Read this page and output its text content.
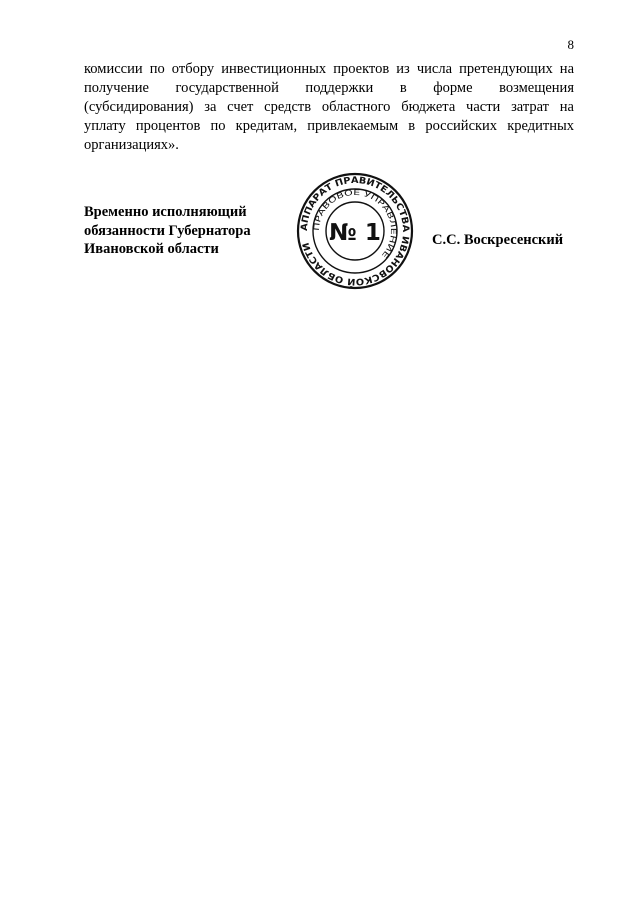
8
комиссии по отбору инвестиционных проектов из числа претендующих на
получение государственной поддержки в форме возмещения
(субсидирования) за счет средств областного бюджета части затрат на
уплату процентов по кредитам, привлекаемым в российских кредитных
организациях».
Временно исполняющий
обязанности Губернатора
Ивановской области
АППАРАТ ПРАВИТЕЛЬСТВА ИВАНОВСКОЙ ОБЛАСТИ
ПРАВОВОЕ УПРАВЛЕНИЕ
№ 1	С.С. Воскресенский
